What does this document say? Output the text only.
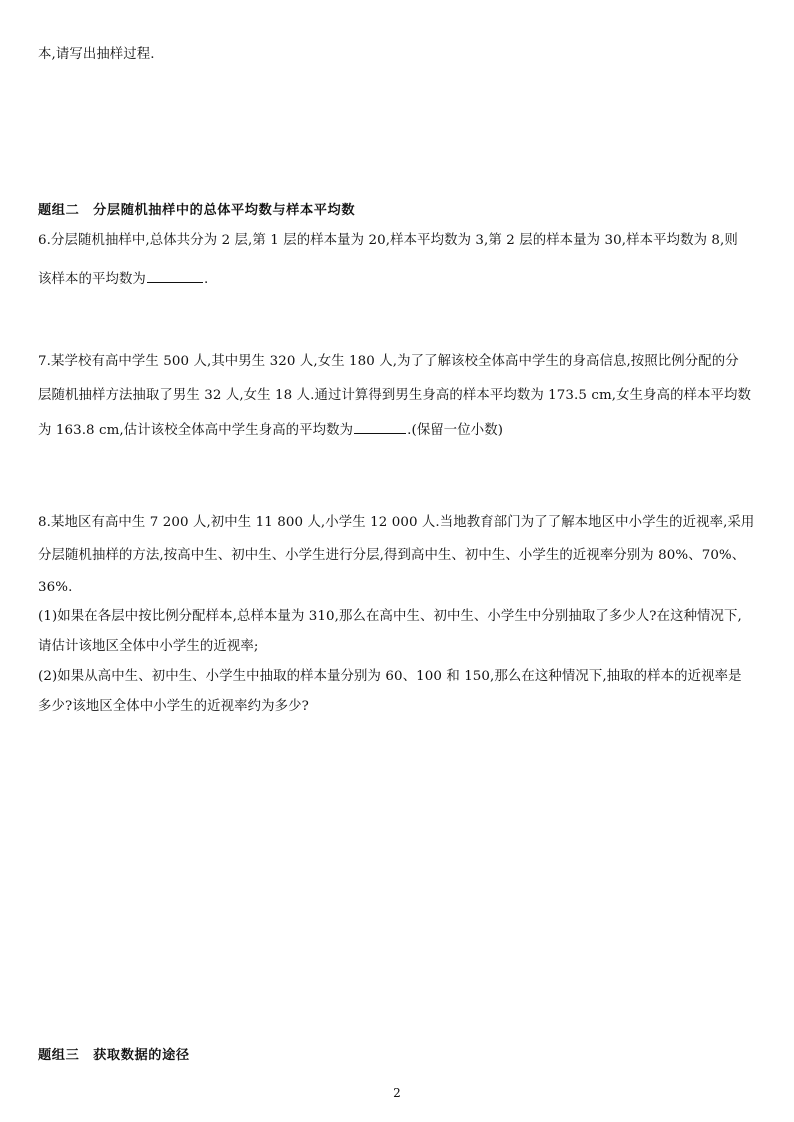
本,请写出抽样过程.

题组二　分层随机抽样中的总体平均数与样本平均数

6.分层随机抽样中,总体共分为 2 层,第 1 层的样本量为 20,样本平均数为 3,第 2 层的样本量为 30,样本平均数为 8,则

该样本的平均数为	.

7.某学校有高中学生 500 人,其中男生 320 人,女生 180 人,为了了解该校全体高中学生的身高信息,按照比例分配的分

层随机抽样方法抽取了男生 32 人,女生 18 人.通过计算得到男生身高的样本平均数为 173.5 cm,女生身高的样本平均数

为 163.8 cm,估计该校全体高中学生身高的平均数为	.(保留一位小数)

8.某地区有高中生 7 200 人,初中生 11 800 人,小学生 12 000 人.当地教育部门为了了解本地区中小学生的近视率,采用

分层随机抽样的方法,按高中生、初中生、小学生进行分层,得到高中生、初中生、小学生的近视率分别为 80%、70%、

36%.

(1)如果在各层中按比例分配样本,总样本量为 310,那么在高中生、初中生、小学生中分别抽取了多少人?在这种情况下,

请估计该地区全体中小学生的近视率;

(2)如果从高中生、初中生、小学生中抽取的样本量分别为 60、100 和 150,那么在这种情况下,抽取的样本的近视率是

多少?该地区全体中小学生的近视率约为多少?

题组三　获取数据的途径

2
